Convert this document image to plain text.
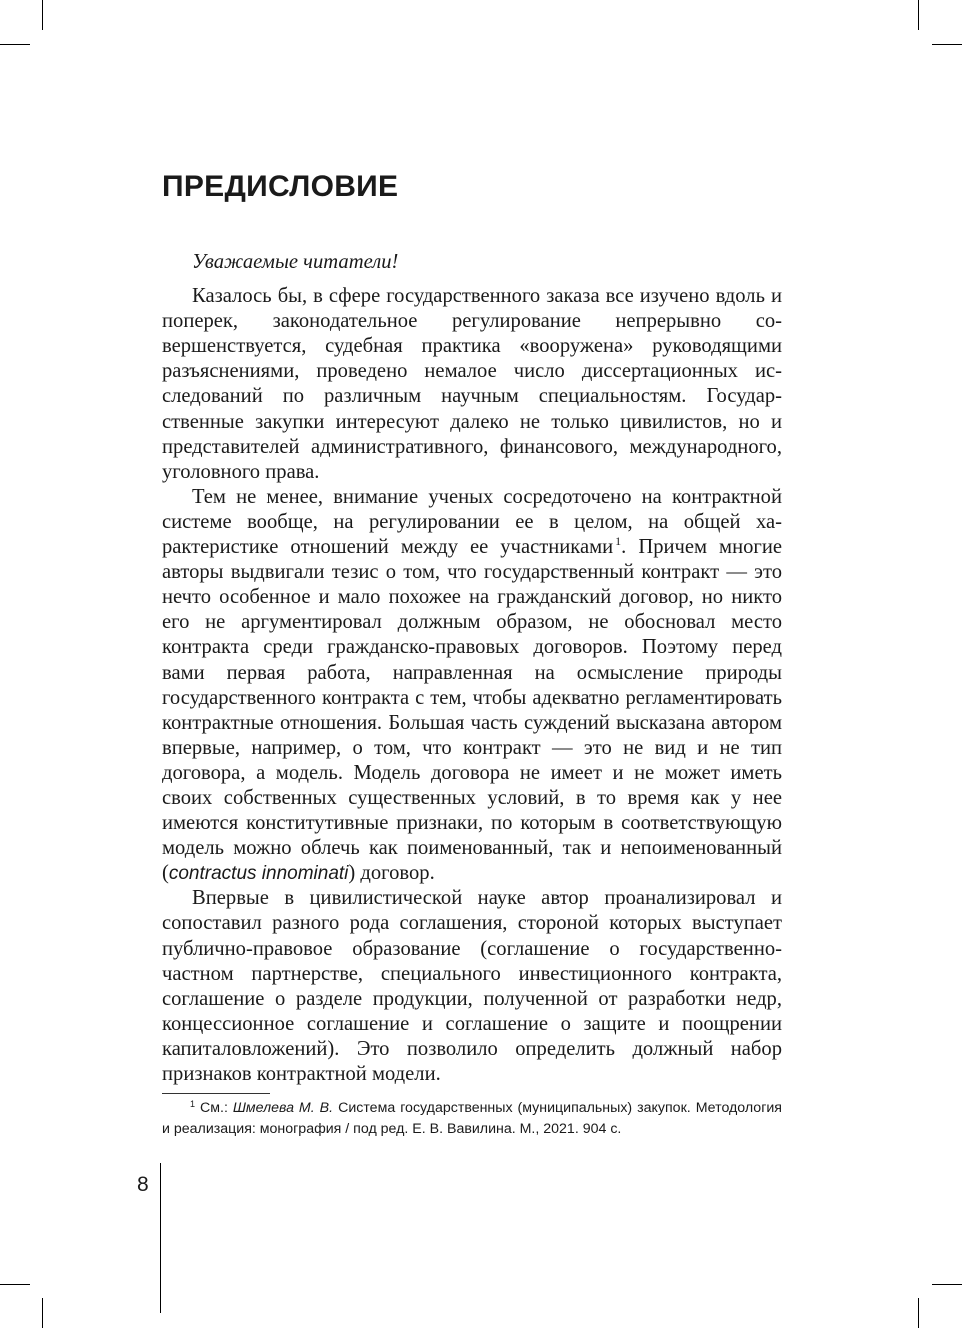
ПРЕДИСЛОВИЕ

Уважаемые читатели!

Казалось бы, в сфере государственного заказа все изучено вдоль и поперек, законодательное регулирование непрерывно совершенствуется, судебная практика «вооружена» руководящими разъяснениями, проведено немалое число диссертационных исследований по различным научным специальностям. Государственные закупки интересуют далеко не только цивилистов, но и представителей административного, финансового, международного, уголовного права.

Тем не менее, внимание ученых сосредоточено на контрактной системе вообще, на регулировании ее в целом, на общей характеристике отношений между ее участниками $^1$. Причем многие авторы выдвигали тезис о том, что государственный контракт — это нечто особенное и мало похожее на гражданский договор, но никто его не аргументировал должным образом, не обосновал место контракта среди гражданско-правовых договоров. Поэтому перед вами первая работа, направленная на осмысление природы государственного контракта с тем, чтобы адекватно регламентировать контрактные отношения. Большая часть суждений высказана автором впервые, например, о том, что контракт — это не вид и не тип договора, а модель. Модель договора не имеет и не может иметь своих собственных существенных условий, в то время как у нее имеются конститутивные признаки, по которым в соответствующую модель можно облечь как поименованный, так и непоименованный (contractus innominati) договор.

Впервые в цивилистической науке автор проанализировал и сопоставил разного рода соглашения, стороной которых выступает публично-правовое образование (соглашение о государственно-частном партнерстве, специального инвестиционного контракта, соглашение о разделе продукции, полученной от разработки недр, концессионное соглашение и соглашение о защите и поощрении капиталовложений). Это позволило определить должный набор признаков контрактной модели.

$^1$ См.: Шмелева М. В. Система государственных (муниципальных) закупок. Методология и реализация: монография / под ред. Е. В. Вавилина. М., 2021. 904 с.
8
